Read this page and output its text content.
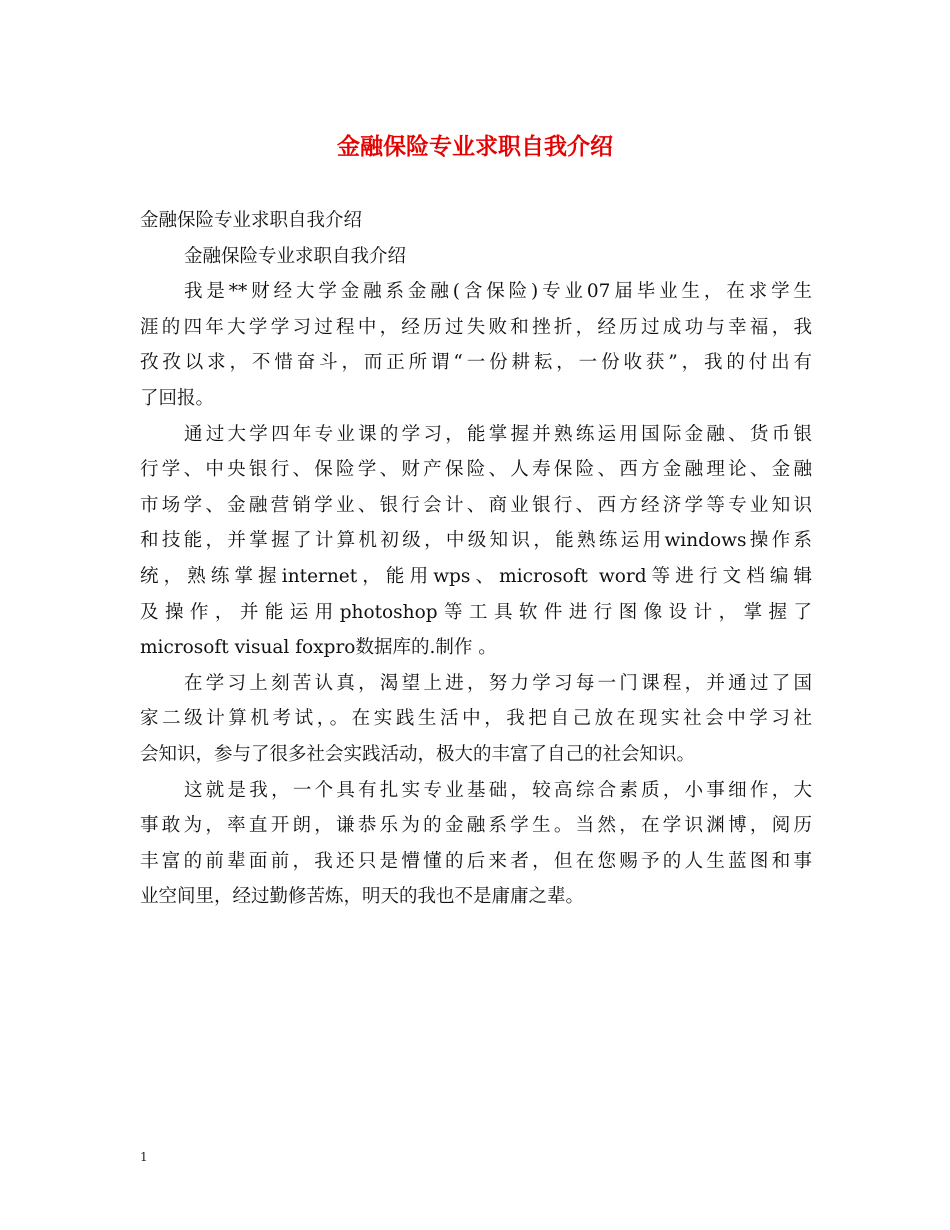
金融保险专业求职自我介绍
金融保险专业求职自我介绍
金融保险专业求职自我介绍
我是**财经大学金融系金融(含保险)专业07届毕业生，在求学生
涯的四年大学学习过程中，经历过失败和挫折，经历过成功与幸福，我
孜孜以求，不惜奋斗，而正所谓“一份耕耘，一份收获”，我的付出有
了回报。
通过大学四年专业课的学习，能掌握并熟练运用国际金融、货币银
行学、中央银行、保险学、财产保险、人寿保险、西方金融理论、金融
市场学、金融营销学业、银行会计、商业银行、西方经济学等专业知识
和技能，并掌握了计算机初级，中级知识，能熟练运用windows操作系
统，熟练掌握internet，能用wps、microsoft word等进行文档编辑
及操作，并能运用photoshop等工具软件进行图像设计，掌握了
microsoft visual foxpro数据库的.制作 。
在学习上刻苦认真，渴望上进，努力学习每一门课程，并通过了国
家二级计算机考试，。在实践生活中，我把自己放在现实社会中学习社
会知识，参与了很多社会实践活动，极大的丰富了自己的社会知识。
这就是我，一个具有扎实专业基础，较高综合素质，小事细作，大
事敢为，率直开朗，谦恭乐为的金融系学生。当然，在学识渊博，阅历
丰富的前辈面前，我还只是懵懂的后来者，但在您赐予的人生蓝图和事
业空间里，经过勤修苦炼，明天的我也不是庸庸之辈。
1
